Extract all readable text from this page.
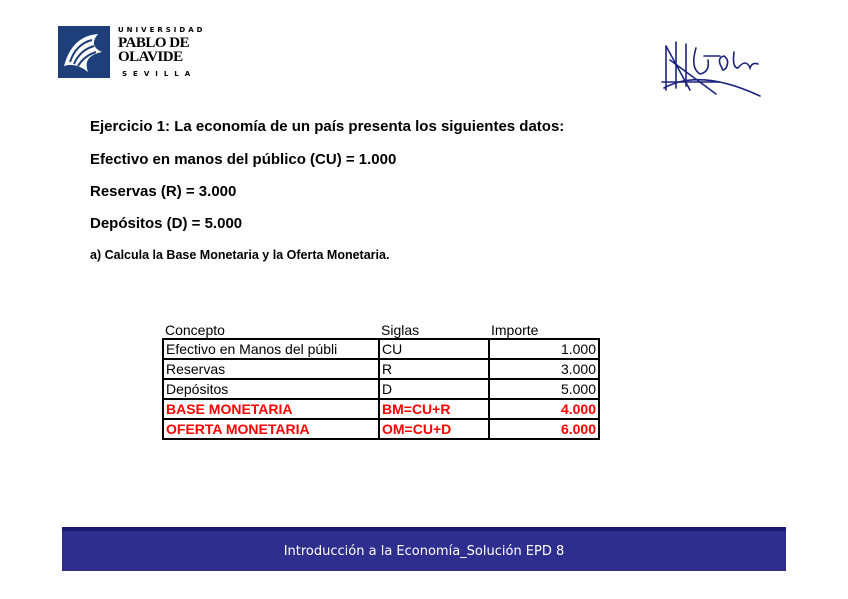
UNIVERSIDAD
PABLO DE
OLAVIDE
SEVILLA
Ejercicio 1: La economía de un país presenta los siguientes datos:
Efectivo en manos del público (CU) = 1.000
Reservas (R) = 3.000
Depósitos (D) = 5.000
a) Calcula la Base Monetaria y la Oferta Monetaria.
Concepto	Siglas	Importe
Efectivo en Manos del públi	CU	1.000
Reservas	R	3.000
Depósitos	D	5.000
BASE MONETARIA	BM=CU+R	4.000
OFERTA MONETARIA	OM=CU+D	6.000
Introducción a la Economía_Solución EPD 8
